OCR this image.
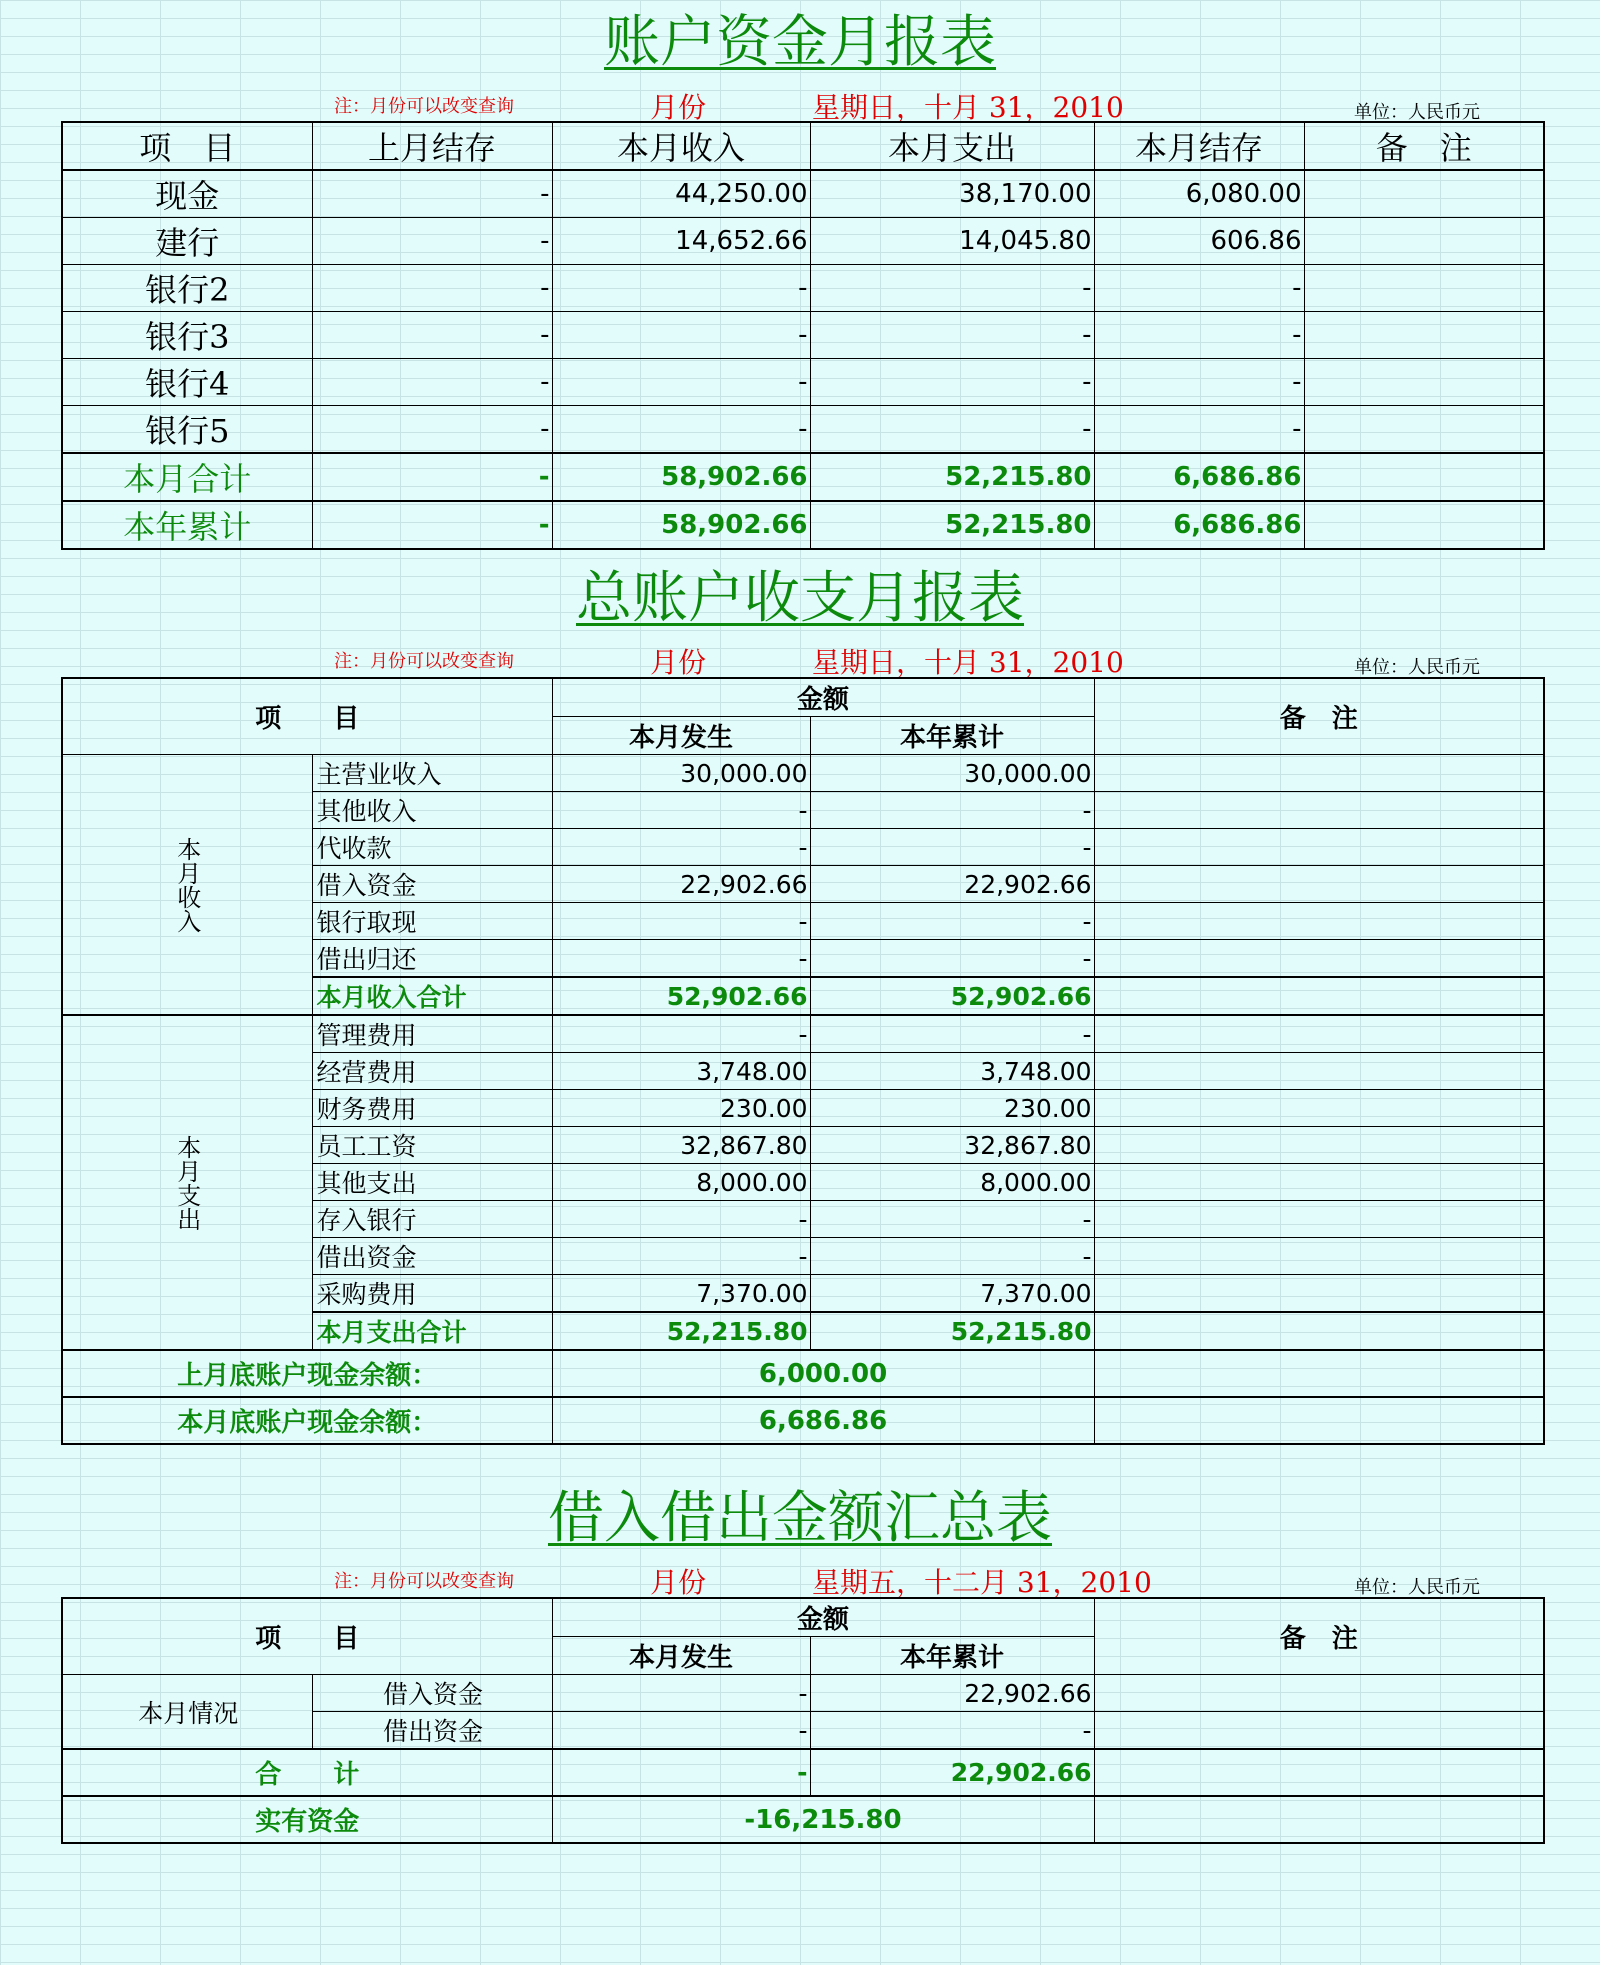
账户资金月报表
注：月份可以改变查询	月份	星期日，十月 31，2010	单位：人民币元
项　目	上月结存	本月收入	本月支出	本月结存	备　注
现金	-	44,250.00	38,170.00	6,080.00	
建行	-	14,652.66	14,045.80	606.86	
银行2	-	-	-	-	
银行3	-	-	-	-	
银行4	-	-	-	-	
银行5	-	-	-	-	
本月合计	-	58,902.66	52,215.80	6,686.86	
本年累计	-	58,902.66	52,215.80	6,686.86	
总账户收支月报表
注：月份可以改变查询	月份	星期日，十月 31，2010	单位：人民币元
项　　目		金额		备　注
		本月发生	本年累计	
本月收入	主营业收入	30,000.00	30,000.00	
	其他收入	-	-	
	代收款	-	-	
	借入资金	22,902.66	22,902.66	
	银行取现	-	-	
	借出归还	-	-	
	本月收入合计	52,902.66	52,902.66	
本月支出	管理费用	-	-	
	经营费用	3,748.00	3,748.00	
	财务费用	230.00	230.00	
	员工工资	32,867.80	32,867.80	
	其他支出	8,000.00	8,000.00	
	存入银行	-	-	
	借出资金	-	-	
	采购费用	7,370.00	7,370.00	
	本月支出合计	52,215.80	52,215.80	
上月底账户现金余额：		6,000.00		
本月底账户现金余额：		6,686.86		
借入借出金额汇总表
注：月份可以改变查询	月份	星期五，十二月 31，2010	单位：人民币元
项　　目		金额		备　注
		本月发生	本年累计	
本月情况	借入资金	-	22,902.66	
	借出资金	-	-	
合　　计		-	22,902.66	
实有资金		-16,215.80		
